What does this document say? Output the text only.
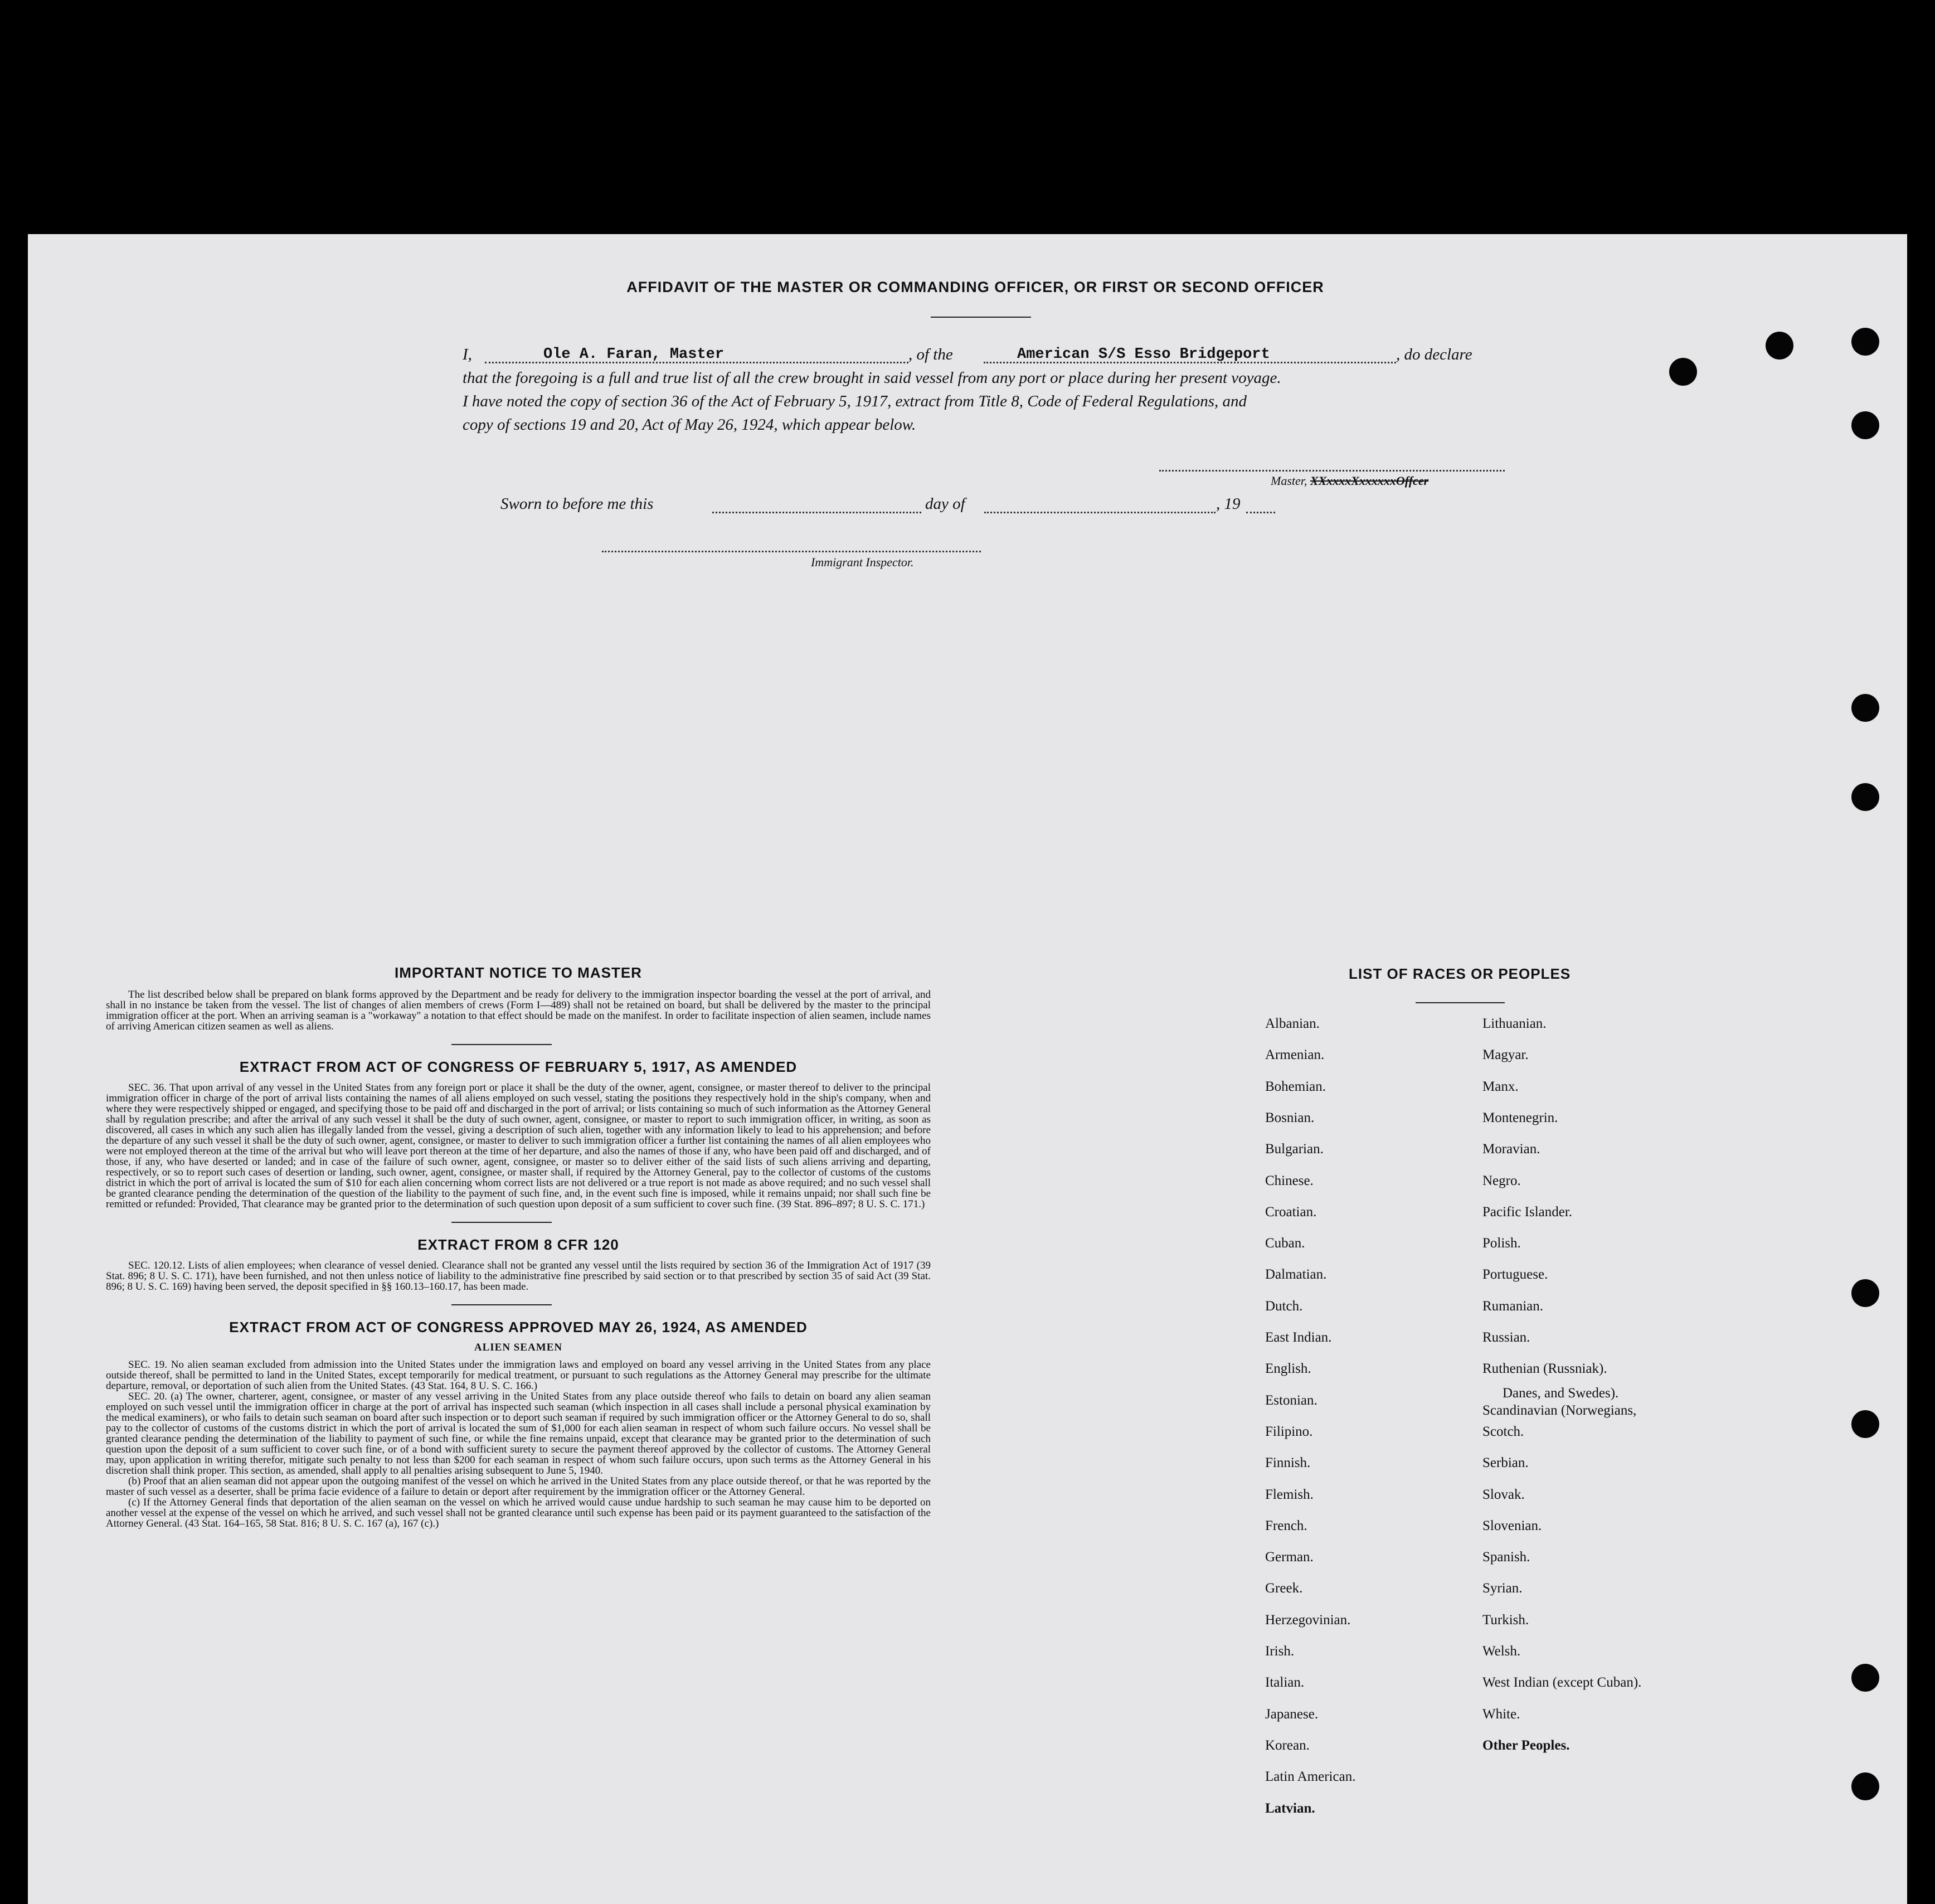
AFFIDAVIT OF THE MASTER OR COMMANDING OFFICER, OR FIRST OR SECOND OFFICER
I,	Ole A. Faran, Master	, of the	American S/S Esso Bridgeport	, do declare
that the foregoing is a full and true list of all the crew brought in said vessel from any port or place during her present voyage.
I have noted the copy of section 36 of the Act of February 5, 1917, extract from Title 8, Code of Federal Regulations, and
copy of sections 19 and 20, Act of May 26, 1924, which appear below.
Master, XXxxxxXxxxxxxOffcer
Sworn to before me this	day of	, 19
Immigrant Inspector.
IMPORTANT NOTICE TO MASTER
The list described below shall be prepared on blank forms approved by the Department and be ready for delivery to the immigration inspector boarding the vessel at the port of arrival, and shall in no instance be taken from the vessel. The list of changes of alien members of crews (Form I—489) shall not be retained on board, but shall be delivered by the master to the principal immigration officer at the port. When an arriving seaman is a "workaway" a notation to that effect should be made on the manifest. In order to facilitate inspection of alien seamen, include names of arriving American citizen seamen as well as aliens.
EXTRACT FROM ACT OF CONGRESS OF FEBRUARY 5, 1917, AS AMENDED
SEC. 36. That upon arrival of any vessel in the United States from any foreign port or place it shall be the duty of the owner, agent, consignee, or master thereof to deliver to the principal immigration officer in charge of the port of arrival lists containing the names of all aliens employed on such vessel, stating the positions they respectively hold in the ship's company, when and where they were respectively shipped or engaged, and specifying those to be paid off and discharged in the port of arrival; or lists containing so much of such information as the Attorney General shall by regulation prescribe; and after the arrival of any such vessel it shall be the duty of such owner, agent, consignee, or master to report to such immigration officer, in writing, as soon as discovered, all cases in which any such alien has illegally landed from the vessel, giving a description of such alien, together with any information likely to lead to his apprehension; and before the departure of any such vessel it shall be the duty of such owner, agent, consignee, or master to deliver to such immigration officer a further list containing the names of all alien employees who were not employed thereon at the time of the arrival but who will leave port thereon at the time of her departure, and also the names of those if any, who have been paid off and discharged, and of those, if any, who have deserted or landed; and in case of the failure of such owner, agent, consignee, or master so to deliver either of the said lists of such aliens arriving and departing, respectively, or so to report such cases of desertion or landing, such owner, agent, consignee, or master shall, if required by the Attorney General, pay to the collector of customs of the customs district in which the port of arrival is located the sum of $10 for each alien concerning whom correct lists are not delivered or a true report is not made as above required; and no such vessel shall be granted clearance pending the determination of the question of the liability to the payment of such fine, and, in the event such fine is imposed, while it remains unpaid; nor shall such fine be remitted or refunded: Provided, That clearance may be granted prior to the determination of such question upon deposit of a sum sufficient to cover such fine. (39 Stat. 896–897; 8 U. S. C. 171.)
EXTRACT FROM 8 CFR 120
SEC. 120.12. Lists of alien employees; when clearance of vessel denied. Clearance shall not be granted any vessel until the lists required by section 36 of the Immigration Act of 1917 (39 Stat. 896; 8 U. S. C. 171), have been furnished, and not then unless notice of liability to the administrative fine prescribed by said section or to that prescribed by section 35 of said Act (39 Stat. 896; 8 U. S. C. 169) having been served, the deposit specified in §§ 160.13–160.17, has been made.
EXTRACT FROM ACT OF CONGRESS APPROVED MAY 26, 1924, AS AMENDED
ALIEN SEAMEN
SEC. 19. No alien seaman excluded from admission into the United States under the immigration laws and employed on board any vessel arriving in the United States from any place outside thereof, shall be permitted to land in the United States, except temporarily for medical treatment, or pursuant to such regulations as the Attorney General may prescribe for the ultimate departure, removal, or deportation of such alien from the United States. (43 Stat. 164, 8 U. S. C. 166.)
SEC. 20. (a) The owner, charterer, agent, consignee, or master of any vessel arriving in the United States from any place outside thereof who fails to detain on board any alien seaman employed on such vessel until the immigration officer in charge at the port of arrival has inspected such seaman (which inspection in all cases shall include a personal physical examination by the medical examiners), or who fails to detain such seaman on board after such inspection or to deport such seaman if required by such immigration officer or the Attorney General to do so, shall pay to the collector of customs of the customs district in which the port of arrival is located the sum of $1,000 for each alien seaman in respect of whom such failure occurs. No vessel shall be granted clearance pending the determination of the liability to payment of such fine, or while the fine remains unpaid, except that clearance may be granted prior to the determination of such question upon the deposit of a sum sufficient to cover such fine, or of a bond with sufficient surety to secure the payment thereof approved by the collector of customs. The Attorney General may, upon application in writing therefor, mitigate such penalty to not less than $200 for each seaman in respect of whom such failure occurs, upon such terms as the Attorney General in his discretion shall think proper. This section, as amended, shall apply to all penalties arising subsequent to June 5, 1940.
(b) Proof that an alien seaman did not appear upon the outgoing manifest of the vessel on which he arrived in the United States from any place outside thereof, or that he was reported by the master of such vessel as a deserter, shall be prima facie evidence of a failure to detain or deport after requirement by the immigration officer or the Attorney General.
(c) If the Attorney General finds that deportation of the alien seaman on the vessel on which he arrived would cause undue hardship to such seaman he may cause him to be deported on another vessel at the expense of the vessel on which he arrived, and such vessel shall not be granted clearance until such expense has been paid or its payment guaranteed to the satisfaction of the Attorney General. (43 Stat. 164–165, 58 Stat. 816; 8 U. S. C. 167 (a), 167 (c).)
LIST OF RACES OR PEOPLES
Albanian.
Armenian.
Bohemian.
Bosnian.
Bulgarian.
Chinese.
Croatian.
Cuban.
Dalmatian.
Dutch.
East Indian.
English.
Estonian.
Filipino.
Finnish.
Flemish.
French.
German.
Greek.
Herzegovinian.
Irish.
Italian.
Japanese.
Korean.
Latin American.
Latvian.
Lithuanian.
Magyar.
Manx.
Montenegrin.
Moravian.
Negro.
Pacific Islander.
Polish.
Portuguese.
Rumanian.
Russian.
Ruthenian (Russniak).
Scandinavian (Norwegians,
Danes, and Swedes).
Scotch.
Serbian.
Slovak.
Slovenian.
Spanish.
Syrian.
Turkish.
Welsh.
West Indian (except Cuban).
White.
Other Peoples.
